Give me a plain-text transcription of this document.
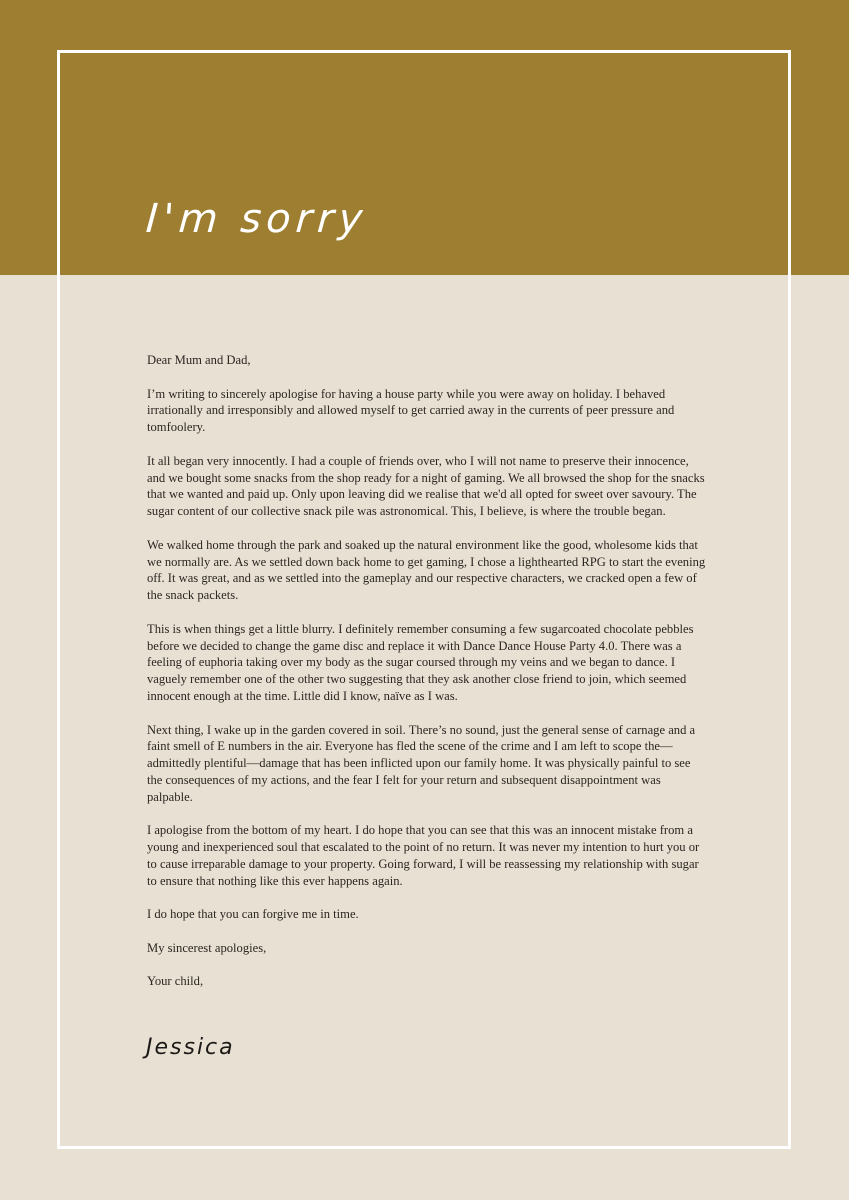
I'm sorry

Dear Mum and Dad,

I’m writing to sincerely apologise for having a house party while you were away on holiday. I behaved irrationally and irresponsibly and allowed myself to get carried away in the currents of peer pressure and tomfoolery.

It all began very innocently. I had a couple of friends over, who I will not name to preserve their innocence, and we bought some snacks from the shop ready for a night of gaming. We all browsed the shop for the snacks that we wanted and paid up. Only upon leaving did we realise that we'd all opted for sweet over savoury. The sugar content of our collective snack pile was astronomical. This, I believe, is where the trouble began.

We walked home through the park and soaked up the natural environment like the good, wholesome kids that we normally are. As we settled down back home to get gaming, I chose a lighthearted RPG to start the evening off. It was great, and as we settled into the gameplay and our respective characters, we cracked open a few of the snack packets.

This is when things get a little blurry. I definitely remember consuming a few sugarcoated chocolate pebbles before we decided to change the game disc and replace it with Dance Dance House Party 4.0. There was a feeling of euphoria taking over my body as the sugar coursed through my veins and we began to dance. I vaguely remember one of the other two suggesting that they ask another close friend to join, which seemed innocent enough at the time. Little did I know, naïve as I was.

Next thing, I wake up in the garden covered in soil. There’s no sound, just the general sense of carnage and a faint smell of E numbers in the air. Everyone has fled the scene of the crime and I am left to scope the—admittedly plentiful—damage that has been inflicted upon our family home. It was physically painful to see the consequences of my actions, and the fear I felt for your return and subsequent disappointment was palpable.

I apologise from the bottom of my heart. I do hope that you can see that this was an innocent mistake from a young and inexperienced soul that escalated to the point of no return. It was never my intention to hurt you or to cause irreparable damage to your property. Going forward, I will be reassessing my relationship with sugar to ensure that nothing like this ever happens again.

I do hope that you can forgive me in time.

My sincerest apologies,

Your child,

Jessica
